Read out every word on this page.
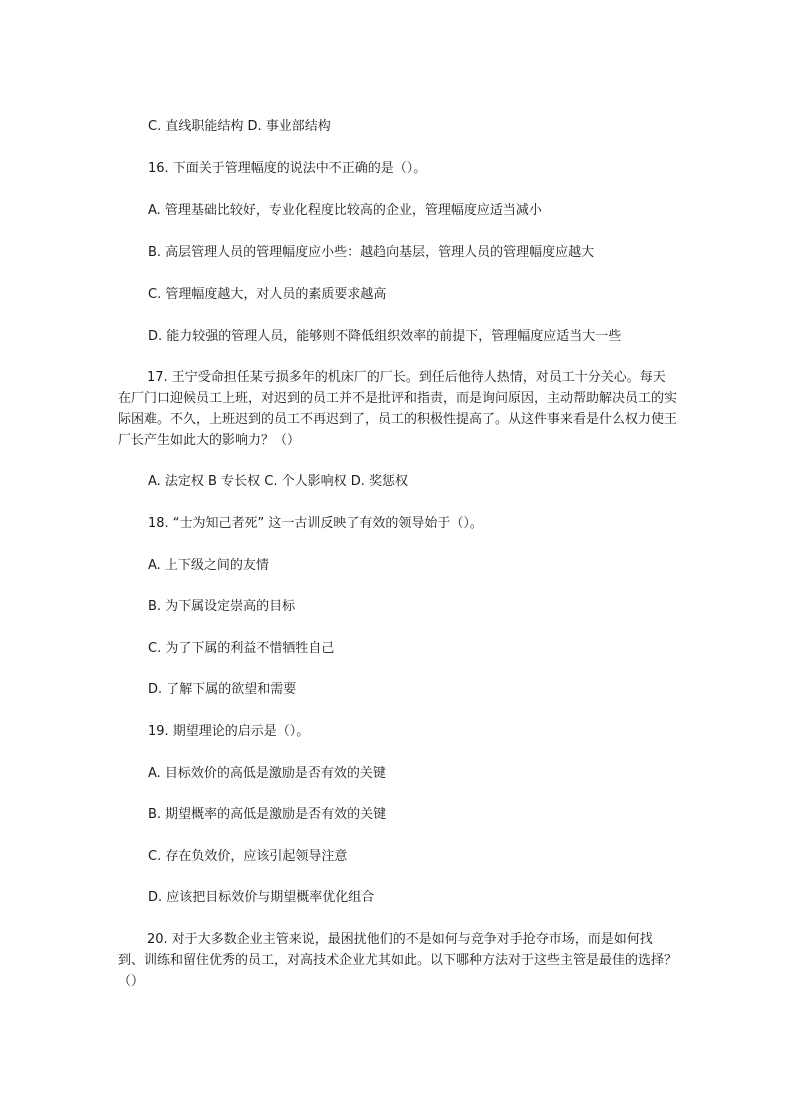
C. 直线职能结构 D. 事业部结构

16. 下面关于管理幅度的说法中不正确的是（）。

A. 管理基础比较好，专业化程度比较高的企业，管理幅度应适当减小

B. 高层管理人员的管理幅度应小些：越趋向基层，管理人员的管理幅度应越大

C. 管理幅度越大，对人员的素质要求越高

D. 能力较强的管理人员，能够则不降低组织效率的前提下，管理幅度应适当大一些

17. 王宁受命担任某亏损多年的机床厂的厂长。到任后他待人热情，对员工十分关心。每天在厂门口迎候员工上班，对迟到的员工并不是批评和指责，而是询问原因，主动帮助解决员工的实际困难。不久，上班迟到的员工不再迟到了，员工的积极性提高了。从这件事来看是什么权力使王厂长产生如此大的影响力？（）

A. 法定权 B 专长权 C. 个人影响权 D. 奖惩权

18. “士为知己者死” 这一古训反映了有效的领导始于（）。

A. 上下级之间的友情

B. 为下属设定崇高的目标

C. 为了下属的利益不惜牺牲自己

D. 了解下属的欲望和需要

19. 期望理论的启示是（）。

A. 目标效价的高低是激励是否有效的关键

B. 期望概率的高低是激励是否有效的关键

C. 存在负效价，应该引起领导注意

D. 应该把目标效价与期望概率优化组合

20. 对于大多数企业主管来说，最困扰他们的不是如何与竞争对手抢夺市场，而是如何找到、训练和留住优秀的员工，对高技术企业尤其如此。以下哪种方法对于这些主管是最佳的选择？（）
